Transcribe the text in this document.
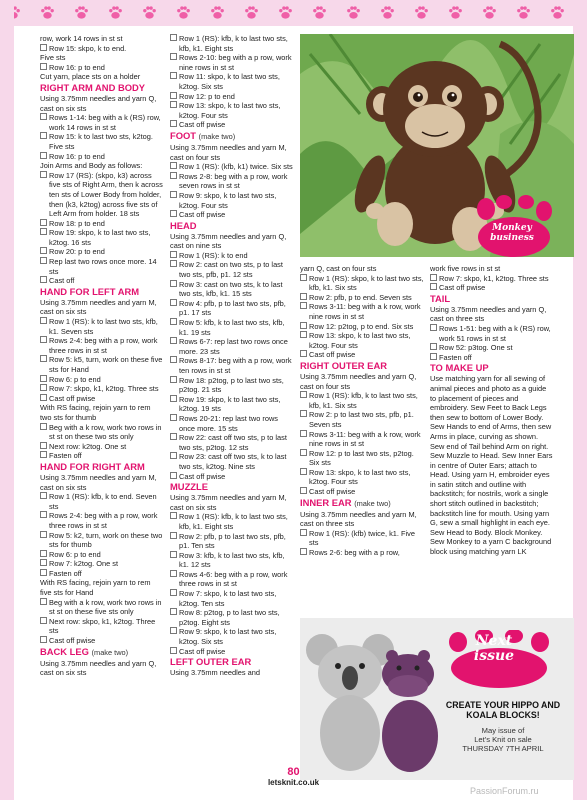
row, work 14 rows in st st

Row 15: skpo, k to end.

Five sts

Row 16: p to end

Cut yarn, place sts on a holder

RIGHT ARM AND BODY

Using 3.75mm needles and yarn Q, cast on six sts

Rows 1-14: beg with a k (RS) row, work 14 rows in st st

Row 15: k to last two sts, k2tog. Five sts

Row 16: p to end

Join Arms and Body as follows:

Row 17 (RS): (skpo, k3) across five sts of Right Arm, then k across ten sts of Lower Body from holder, then (k3, k2tog) across five sts of Left Arm from holder. 18 sts

Row 18: p to end

Row 19: skpo, k to last two sts, k2tog. 16 sts

Row 20: p to end

Rep last two rows once more. 14 sts

Cast off

HAND FOR LEFT ARM

Using 3.75mm needles and yarn M, cast on six sts

Row 1 (RS): k to last two sts, kfb, k1. Seven sts

Rows 2-4: beg with a p row, work three rows in st st

Row 5: k5, turn, work on these five sts for Hand

Row 6: p to end

Row 7: skpo, k1, k2tog. Three sts

Cast off pwise

With RS facing, rejoin yarn to rem two sts for thumb

Beg with a k row, work two rows in st st on these two sts only

Next row: k2tog. One st

Fasten off

HAND FOR RIGHT ARM

Using 3.75mm needles and yarn M, cast on six sts

Row 1 (RS): kfb, k to end. Seven sts

Rows 2-4: beg with a p row, work three rows in st st

Row 5: k2, turn, work on these two sts for thumb

Row 6: p to end

Row 7: k2tog. One st

Fasten off

With RS facing, rejoin yarn to rem five sts for Hand

Beg with a k row, work two rows in st st on these five sts only

Next row: skpo, k1, k2tog. Three sts

Cast off pwise

BACK LEG (make two)

Using 3.75mm needles and yarn Q, cast on six sts

Row 1 (RS): kfb, k to last two sts, kfb, k1. Eight sts

Rows 2-10: beg with a p row, work nine rows in st st

Row 11: skpo, k to last two sts, k2tog. Six sts

Row 12: p to end

Row 13: skpo, k to last two sts, k2tog. Four sts

Cast off pwise

FOOT (make two)

Using 3.75mm needles and yarn M, cast on four sts

Row 1 (RS): (kfb, k1) twice. Six sts

Rows 2-8: beg with a p row, work seven rows in st st

Row 9: skpo, k to last two sts, k2tog. Four sts

Cast off pwise

HEAD

Using 3.75mm needles and yarn Q, cast on nine sts

Row 1 (RS): k to end

Row 2: cast on two sts, p to last two sts, pfb, p1. 12 sts

Row 3: cast on two sts, k to last two sts, kfb, k1. 15 sts

Row 4: pfb, p to last two sts, pfb, p1. 17 sts

Row 5: kfb, k to last two sts, kfb, k1. 19 sts

Rows 6-7: rep last two rows once more. 23 sts

Rows 8-17: beg with a p row, work ten rows in st st

Row 18: p2tog, p to last two sts, p2tog. 21 sts

Row 19: skpo, k to last two sts, k2tog. 19 sts

Rows 20-21: rep last two rows once more. 15 sts

Row 22: cast off two sts, p to last two sts, p2tog. 12 sts

Row 23: cast off two sts, k to last two sts, k2tog. Nine sts

Cast off pwise

MUZZLE

Using 3.75mm needles and yarn M, cast on six sts

Row 1 (RS): kfb, k to last two sts, kfb, k1. Eight sts

Row 2: pfb, p to last two sts, pfb, p1. Ten sts

Row 3: kfb, k to last two sts, kfb, k1. 12 sts

Rows 4-6: beg with a p row, work three rows in st st

Row 7: skpo, k to last two sts, k2tog. Ten sts

Row 8: p2tog, p to last two sts, p2tog. Eight sts

Row 9: skpo, k to last two sts, k2tog. Six sts

Cast off pwise

LEFT OUTER EAR

Using 3.75mm needles and

yarn Q, cast on four sts

Row 1 (RS): skpo, k to last two sts, kfb, k1. Six sts

Row 2: pfb, p to end. Seven sts

Rows 3-11: beg with a k row, work nine rows in st st

Row 12: p2tog, p to end. Six sts

Row 13: skpo, k to last two sts, k2tog. Four sts

Cast off pwise

RIGHT OUTER EAR

Using 3.75mm needles and yarn Q, cast on four sts

Row 1 (RS): kfb, k to last two sts, kfb, k1. Six sts

Row 2: p to last two sts, pfb, p1. Seven sts

Rows 3-11: beg with a k row, work nine rows in st st

Row 12: p to last two sts, p2tog. Six sts

Row 13: skpo, k to last two sts, k2tog. Four sts

Cast off pwise

INNER EAR (make two)

Using 3.75mm needles and yarn M, cast on three sts

Row 1 (RS): (kfb) twice, k1. Five sts

Rows 2-6: beg with a p row,

work five rows in st st

Row 7: skpo, k1, k2tog. Three sts

Cast off pwise

TAIL

Using 3.75mm needles and yarn Q, cast on three sts

Rows 1-51: beg with a k (RS) row, work 51 rows in st st

Row 52: p3tog. One st

Fasten off

TO MAKE UP

Use matching yarn for all sewing of animal pieces and photo as a guide to placement of pieces and embroidery. Sew Feet to Back Legs then sew to bottom of Lower Body. Sew Hands to end of Arms, then sew Arms in place, curving as shown. Sew end of Tail behind Arm on right. Sew Muzzle to Head. Sew Inner Ears in centre of Outer Ears; attach to Head. Using yarn H, embroider eyes in satin stitch and outline with backstitch; for nostrils, work a single short stitch outlined in backstitch; backstitch line for mouth. Using yarn G, sew a small highlight in each eye. Sew Head to Body. Block Monkey. Sew Monkey to a yarn C background block using matching yarn LK

Monkey
business
Next
issue
CREATE YOUR HIPPO AND KOALA BLOCKS!
May issue of
Let's Knit on sale
THURSDAY 7TH APRIL
80
letsknit.co.uk
PassionForum.ru
